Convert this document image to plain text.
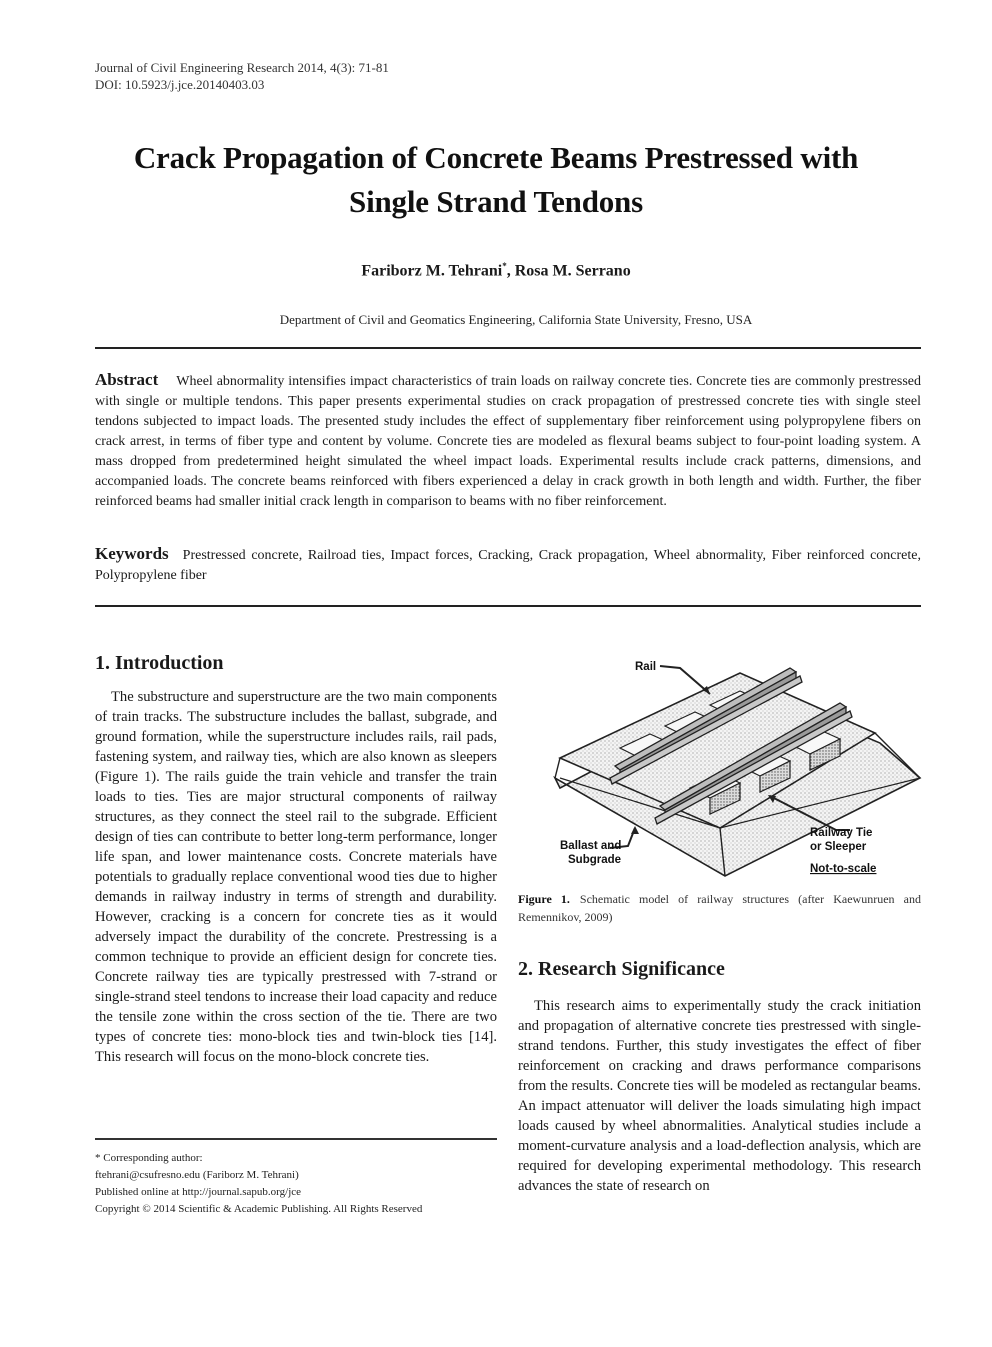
Journal of Civil Engineering Research 2014, 4(3): 71-81
DOI: 10.5923/j.jce.20140403.03
Crack Propagation of Concrete Beams Prestressed with
Single Strand Tendons
Fariborz M. Tehrani*, Rosa M. Serrano
Department of Civil and Geomatics Engineering, California State University, Fresno, USA
Abstract Wheel abnormality intensifies impact characteristics of train loads on railway concrete ties. Concrete ties are commonly prestressed with single or multiple tendons. This paper presents experimental studies on crack propagation of prestressed concrete ties with single steel tendons subjected to impact loads. The presented study includes the effect of supplementary fiber reinforcement using polypropylene fibers on crack arrest, in terms of fiber type and content by volume. Concrete ties are modeled as flexural beams subject to four-point loading system. A mass dropped from predetermined height simulated the wheel impact loads. Experimental results include crack patterns, dimensions, and accompanied loads. The concrete beams reinforced with fibers experienced a delay in crack growth in both length and width. Further, the fiber reinforced beams had smaller initial crack length in comparison to beams with no fiber reinforcement.
Keywords Prestressed concrete, Railroad ties, Impact forces, Cracking, Crack propagation, Wheel abnormality, Fiber reinforced concrete, Polypropylene fiber
1. Introduction
The substructure and superstructure are the two main components of train tracks. The substructure includes the ballast, subgrade, and ground formation, while the superstructure includes rails, rail pads, fastening system, and railway ties, which are also known as sleepers (Figure 1). The rails guide the train vehicle and transfer the train loads to ties. Ties are major structural components of railway structures, as they connect the steel rail to the subgrade. Efficient design of ties can contribute to better long-term performance, longer life span, and lower maintenance costs. Concrete materials have potentials to gradually replace conventional wood ties due to higher demands in railway industry in terms of strength and durability. However, cracking is a concern for concrete ties as it would adversely impact the durability of the concrete. Prestressing is a common technique to provide an efficient design for concrete ties. Concrete railway ties are typically prestressed with 7-strand or single-strand steel tendons to increase their load capacity and reduce the tensile zone within the cross section of the tie. There are two types of concrete ties: mono-block ties and twin-block ties [14]. This research will focus on the mono-block concrete ties.
* Corresponding author:
ftehrani@csufresno.edu (Fariborz M. Tehrani)
Published online at http://journal.sapub.org/jce
Copyright © 2014 Scientific & Academic Publishing. All Rights Reserved
Rail
Ballast and
Subgrade
Railway Tie
or Sleeper
Not-to-scale
Figure 1. Schematic model of railway structures (after Kaewunruen and Remennikov, 2009)
2. Research Significance
This research aims to experimentally study the crack initiation and propagation of alternative concrete ties prestressed with single-strand tendons. Further, this study investigates the effect of fiber reinforcement on cracking and draws performance comparisons from the results. Concrete ties will be modeled as rectangular beams. An impact attenuator will deliver the loads simulating high impact loads caused by wheel abnormalities. Analytical studies include a moment-curvature analysis and a load-deflection analysis, which are required for developing experimental methodology. This research advances the state of research on
